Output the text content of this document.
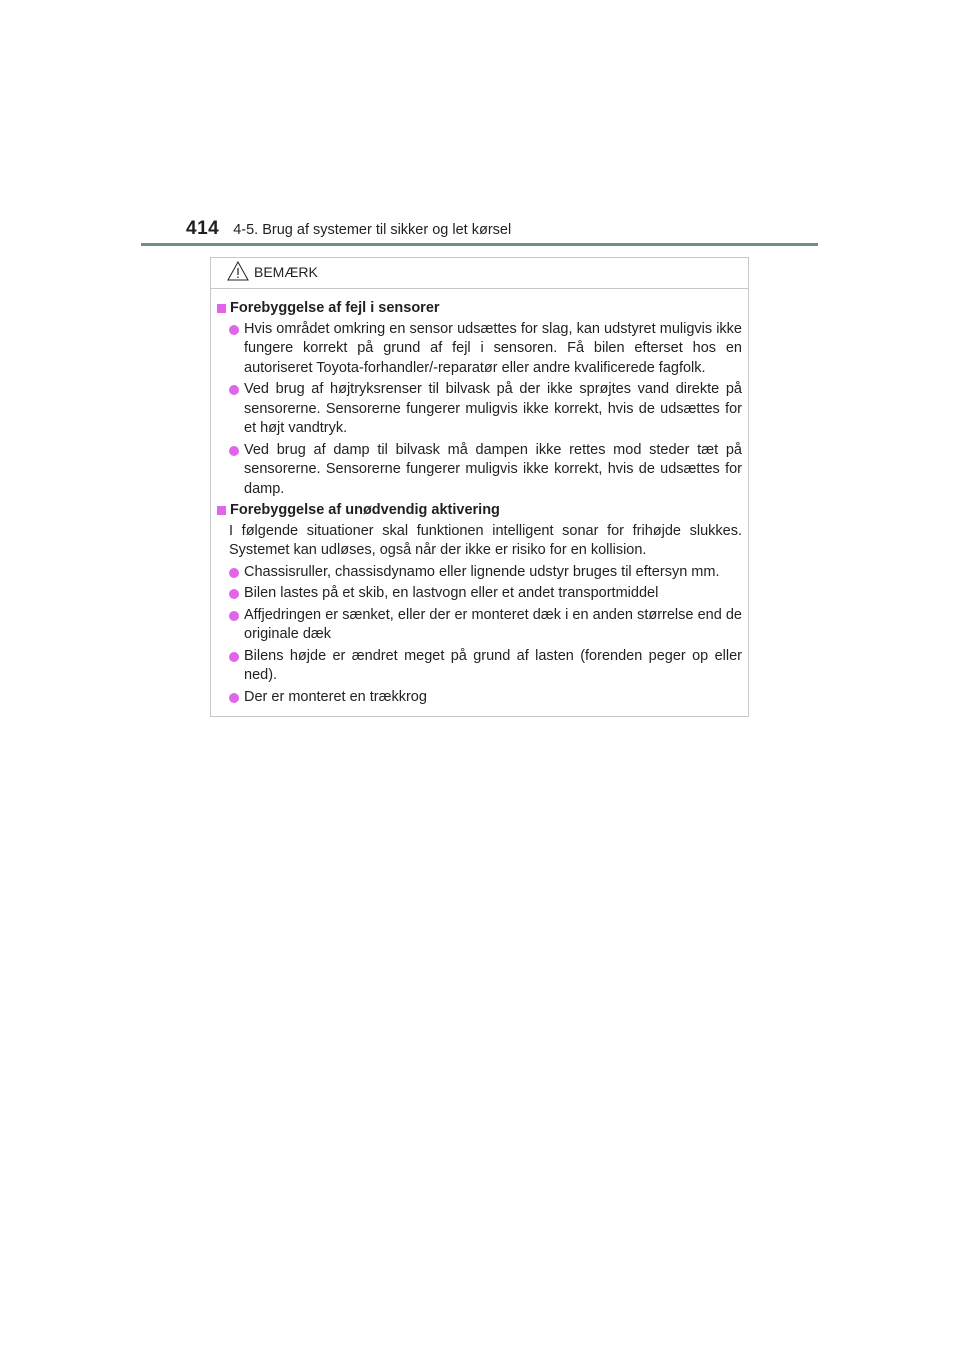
414 4-5. Brug af systemer til sikker og let kørsel
BEMÆRK
Forebyggelse af fejl i sensorer
Hvis området omkring en sensor udsættes for slag, kan udstyret muligvis ikke fungere korrekt på grund af fejl i sensoren. Få bilen efterset hos en autoriseret Toyota-forhandler/-reparatør eller andre kvalificerede fagfolk.
Ved brug af højtryksrenser til bilvask på der ikke sprøjtes vand direkte på sensorerne. Sensorerne fungerer muligvis ikke korrekt, hvis de udsættes for et højt vandtryk.
Ved brug af damp til bilvask må dampen ikke rettes mod steder tæt på sensorerne. Sensorerne fungerer muligvis ikke korrekt, hvis de udsættes for damp.
Forebyggelse af unødvendig aktivering
I følgende situationer skal funktionen intelligent sonar for frihøjde slukkes. Systemet kan udløses, også når der ikke er risiko for en kollision.
Chassisruller, chassisdynamo eller lignende udstyr bruges til eftersyn mm.
Bilen lastes på et skib, en lastvogn eller et andet transportmiddel
Affjedringen er sænket, eller der er monteret dæk i en anden størrelse end de originale dæk
Bilens højde er ændret meget på grund af lasten (forenden peger op eller ned).
Der er monteret en trækkrog
